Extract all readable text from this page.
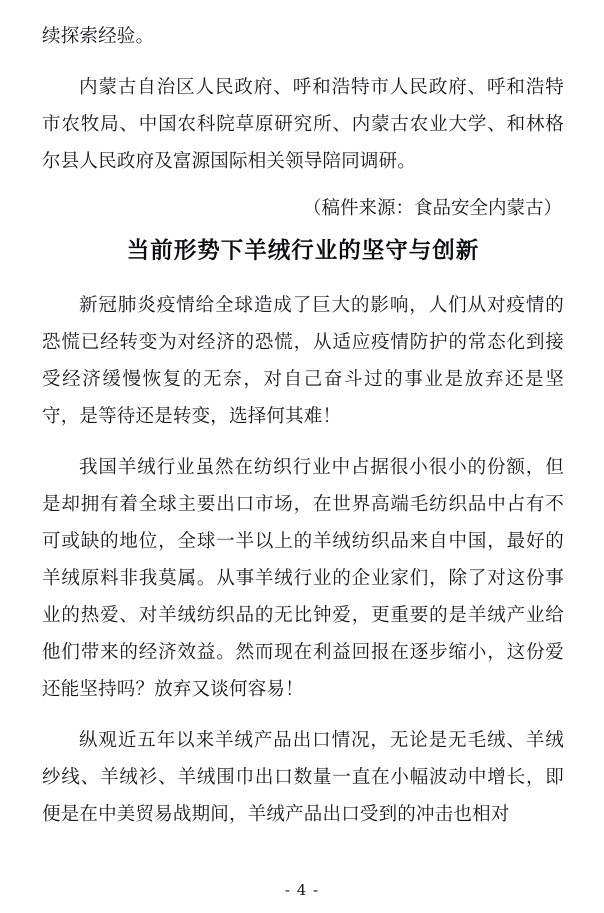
续探索经验。

内蒙古自治区人民政府、呼和浩特市人民政府、呼和浩特市农牧局、中国农科院草原研究所、内蒙古农业大学、和林格尔县人民政府及富源国际相关领导陪同调研。

（稿件来源：食品安全内蒙古）

当前形势下羊绒行业的坚守与创新

新冠肺炎疫情给全球造成了巨大的影响，人们从对疫情的恐慌已经转变为对经济的恐慌，从适应疫情防护的常态化到接受经济缓慢恢复的无奈，对自己奋斗过的事业是放弃还是坚守，是等待还是转变，选择何其难！

我国羊绒行业虽然在纺织行业中占据很小很小的份额，但是却拥有着全球主要出口市场，在世界高端毛纺织品中占有不可或缺的地位，全球一半以上的羊绒纺织品来自中国，最好的羊绒原料非我莫属。从事羊绒行业的企业家们，除了对这份事业的热爱、对羊绒纺织品的无比钟爱，更重要的是羊绒产业给他们带来的经济效益。然而现在利益回报在逐步缩小，这份爱还能坚持吗？放弃又谈何容易！

纵观近五年以来羊绒产品出口情况，无论是无毛绒、羊绒纱线、羊绒衫、羊绒围巾出口数量一直在小幅波动中增长，即便是在中美贸易战期间，羊绒产品出口受到的冲击也相对

- 4 -
